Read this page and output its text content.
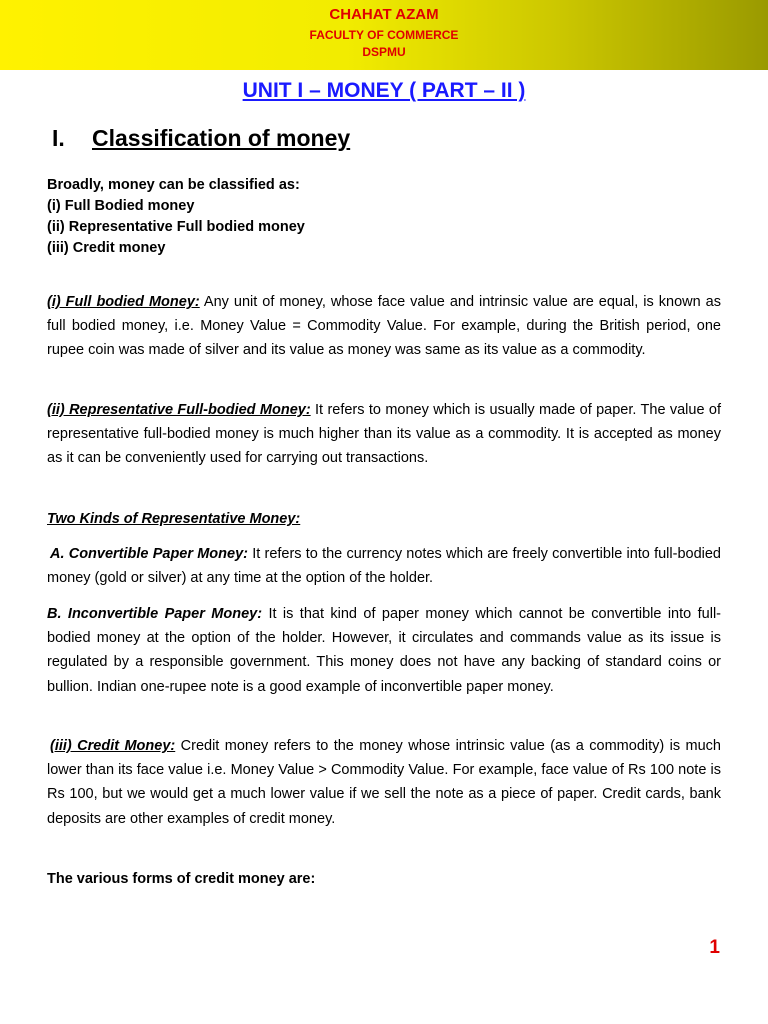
CHAHAT AZAM
FACULTY OF COMMERCE
DSPMU
UNIT I – MONEY ( PART – II )
I. Classification of money
Broadly, money can be classified as:
(i) Full Bodied money
(ii) Representative Full bodied money
(iii) Credit money
(i) Full bodied Money: Any unit of money, whose face value and intrinsic value are equal, is known as full bodied money, i.e. Money Value = Commodity Value. For example, during the British period, one rupee coin was made of silver and its value as money was same as its value as a commodity.
(ii) Representative Full-bodied Money: It refers to money which is usually made of paper. The value of representative full-bodied money is much higher than its value as a commodity. It is accepted as money as it can be conveniently used for carrying out transactions.
Two Kinds of Representative Money:
A. Convertible Paper Money: It refers to the currency notes which are freely convertible into full-bodied money (gold or silver) at any time at the option of the holder.
B. Inconvertible Paper Money: It is that kind of paper money which cannot be convertible into full-bodied money at the option of the holder. However, it circulates and commands value as its issue is regulated by a responsible government. This money does not have any backing of standard coins or bullion. Indian one-rupee note is a good example of inconvertible paper money.
(iii) Credit Money: Credit money refers to the money whose intrinsic value (as a commodity) is much lower than its face value i.e. Money Value > Commodity Value. For example, face value of Rs 100 note is Rs 100, but we would get a much lower value if we sell the note as a piece of paper. Credit cards, bank deposits are other examples of credit money.
The various forms of credit money are:
1
